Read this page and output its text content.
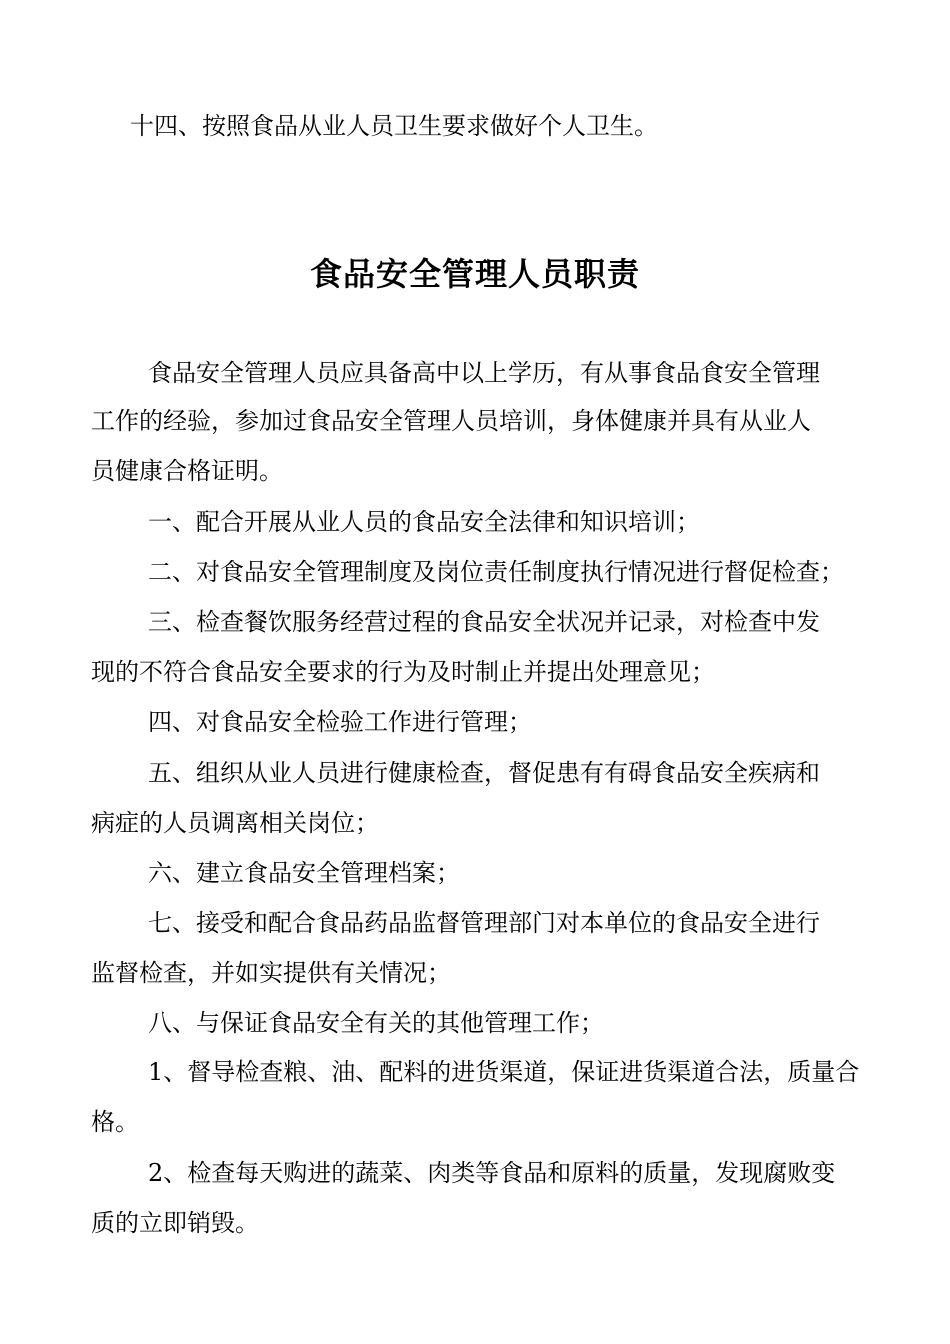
十四、按照食品从业人员卫生要求做好个人卫生。
食品安全管理人员职责
食品安全管理人员应具备高中以上学历，有从事食品食安全管理
工作的经验，参加过食品安全管理人员培训，身体健康并具有从业人
员健康合格证明。
一、配合开展从业人员的食品安全法律和知识培训；
二、对食品安全管理制度及岗位责任制度执行情况进行督促检查；
三、检查餐饮服务经营过程的食品安全状况并记录，对检查中发
现的不符合食品安全要求的行为及时制止并提出处理意见；
四、对食品安全检验工作进行管理；
五、组织从业人员进行健康检查，督促患有有碍食品安全疾病和
病症的人员调离相关岗位；
六、建立食品安全管理档案；
七、接受和配合食品药品监督管理部门对本单位的食品安全进行
监督检查，并如实提供有关情况；
八、与保证食品安全有关的其他管理工作；
1、督导检查粮、油、配料的进货渠道，保证进货渠道合法，质量合
格。
2、检查每天购进的蔬菜、肉类等食品和原料的质量，发现腐败变
质的立即销毁。
